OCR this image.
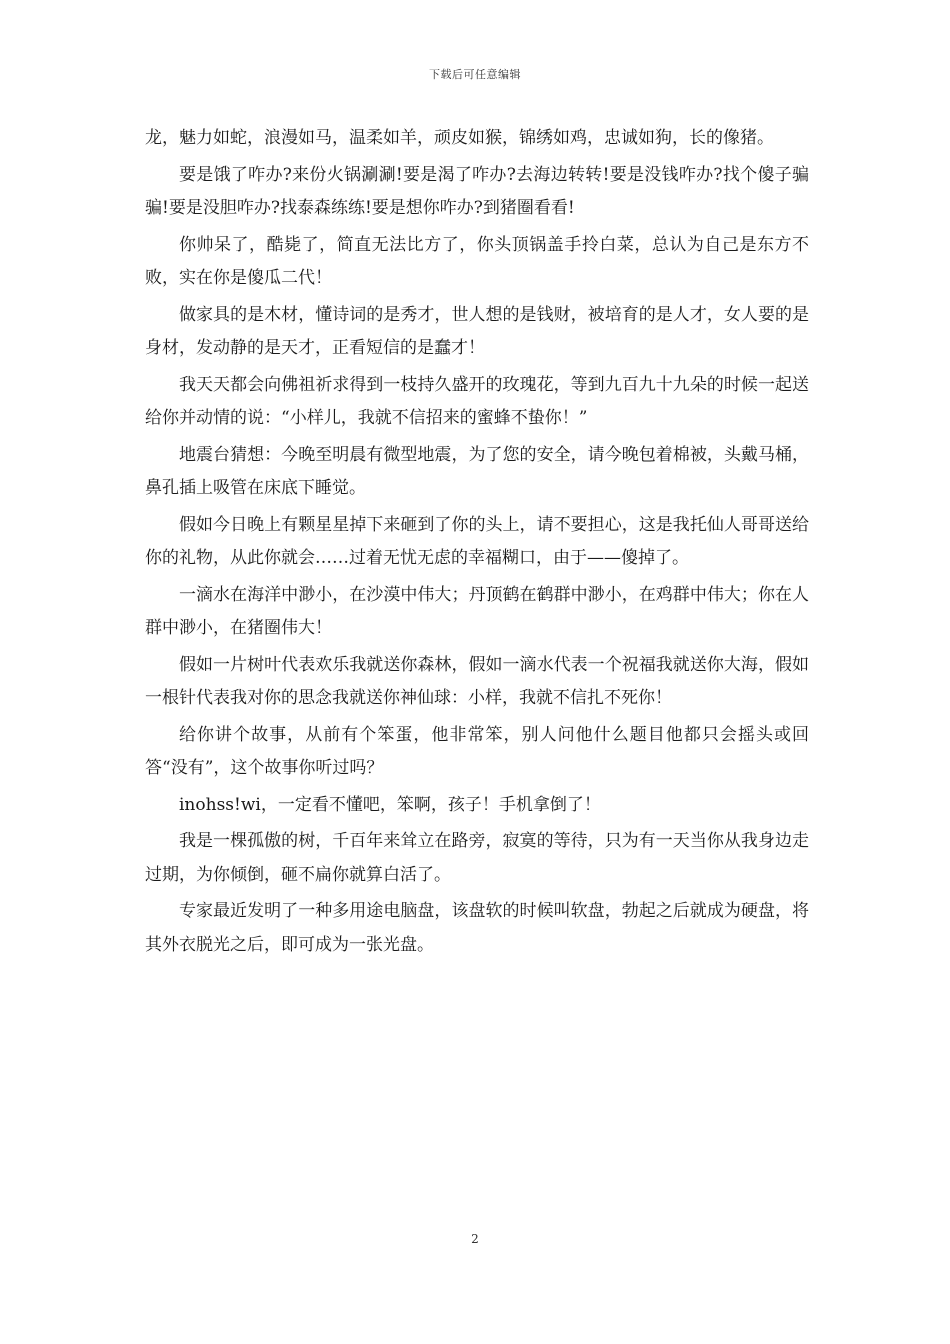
下载后可任意编辑

龙，魅力如蛇，浪漫如马，温柔如羊，顽皮如猴，锦绣如鸡，忠诚如狗，长的像猪。

要是饿了咋办?来份火锅涮涮!要是渴了咋办?去海边转转!要是没钱咋办?找个傻子骗骗!要是没胆咋办?找泰森练练!要是想你咋办?到猪圈看看!

你帅呆了，酷毙了，简直无法比方了，你头顶锅盖手拎白菜，总认为自己是东方不败，实在你是傻瓜二代！

做家具的是木材，懂诗词的是秀才，世人想的是钱财，被培育的是人才，女人要的是身材，发动静的是天才，正看短信的是蠢才！

我天天都会向佛祖祈求得到一枝持久盛开的玫瑰花，等到九百九十九朵的时候一起送给你并动情的说：“小样儿，我就不信招来的蜜蜂不蛰你！”

地震台猜想：今晚至明晨有微型地震，为了您的安全，请今晚包着棉被，头戴马桶，鼻孔插上吸管在床底下睡觉。

假如今日晚上有颗星星掉下来砸到了你的头上，请不要担心，这是我托仙人哥哥送给你的礼物，从此你就会……过着无忧无虑的幸福糊口，由于——傻掉了。

一滴水在海洋中渺小，在沙漠中伟大；丹顶鹤在鹤群中渺小，在鸡群中伟大；你在人群中渺小，在猪圈伟大！

假如一片树叶代表欢乐我就送你森林，假如一滴水代表一个祝福我就送你大海，假如一根针代表我对你的思念我就送你神仙球：小样，我就不信扎不死你！

给你讲个故事，从前有个笨蛋，他非常笨，别人问他什么题目他都只会摇头或回答“没有”，这个故事你听过吗？

inohss!wi，一定看不懂吧，笨啊，孩子！手机拿倒了！

我是一棵孤傲的树，千百年来耸立在路旁，寂寞的等待，只为有一天当你从我身边走过期，为你倾倒，砸不扁你就算白活了。

专家最近发明了一种多用途电脑盘，该盘软的时候叫软盘，勃起之后就成为硬盘，将其外衣脱光之后，即可成为一张光盘。

2
